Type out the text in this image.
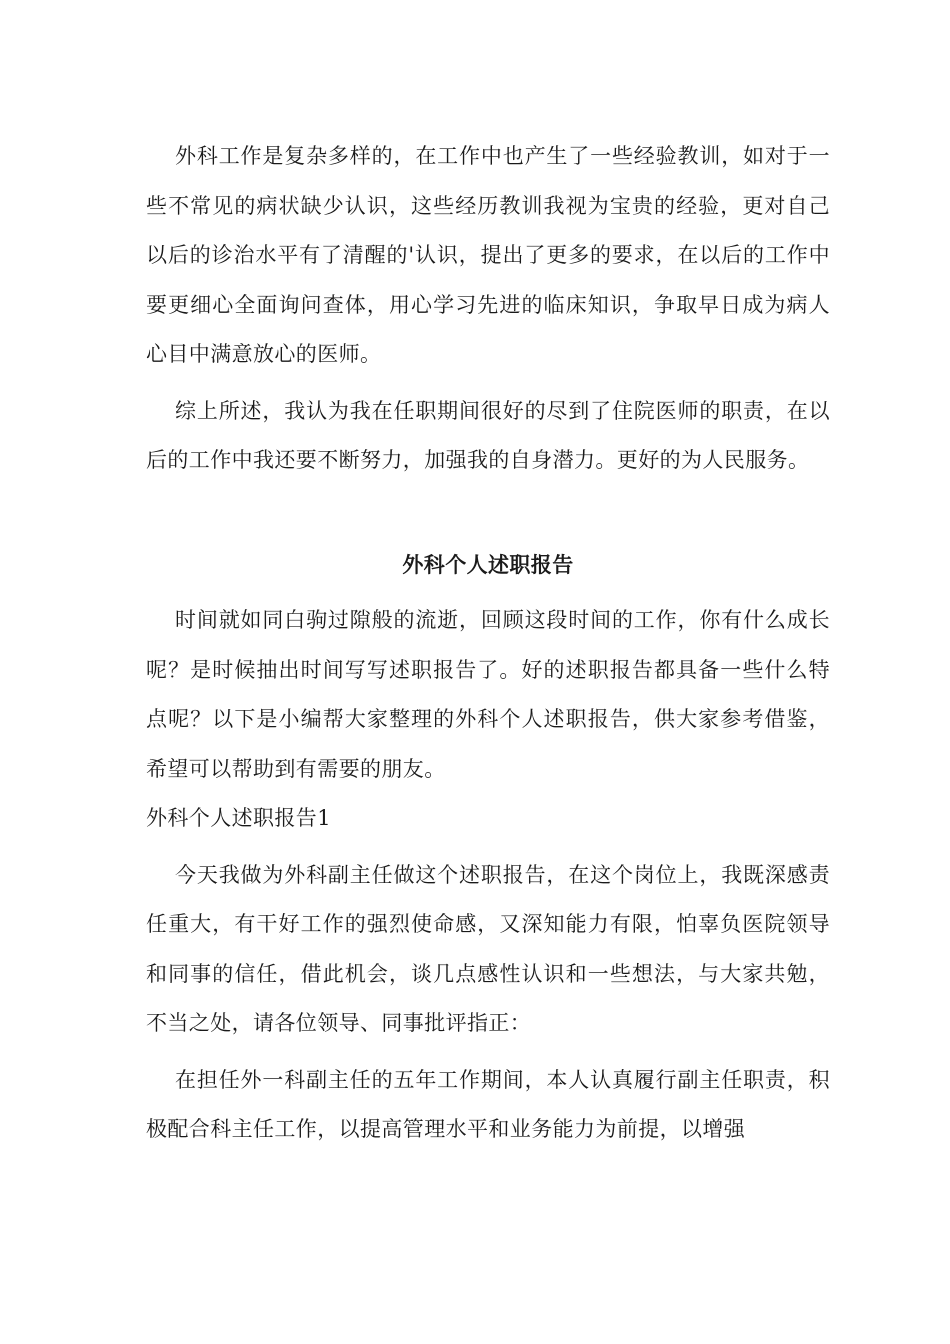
外科工作是复杂多样的，在工作中也产生了一些经验教训，如对于一些不常见的病状缺少认识，这些经历教训我视为宝贵的经验，更对自己以后的诊治水平有了清醒的'认识，提出了更多的要求，在以后的工作中要更细心全面询问查体，用心学习先进的临床知识，争取早日成为病人心目中满意放心的医师。

综上所述，我认为我在任职期间很好的尽到了住院医师的职责，在以后的工作中我还要不断努力，加强我的自身潜力。更好的为人民服务。

外科个人述职报告

时间就如同白驹过隙般的流逝，回顾这段时间的工作，你有什么成长呢？是时候抽出时间写写述职报告了。好的述职报告都具备一些什么特点呢？以下是小编帮大家整理的外科个人述职报告，供大家参考借鉴，希望可以帮助到有需要的朋友。

外科个人述职报告1

今天我做为外科副主任做这个述职报告，在这个岗位上，我既深感责任重大，有干好工作的强烈使命感，又深知能力有限，怕辜负医院领导和同事的信任，借此机会，谈几点感性认识和一些想法，与大家共勉，不当之处，请各位领导、同事批评指正：

在担任外一科副主任的五年工作期间，本人认真履行副主任职责，积极配合科主任工作，以提高管理水平和业务能力为前提，以增强
